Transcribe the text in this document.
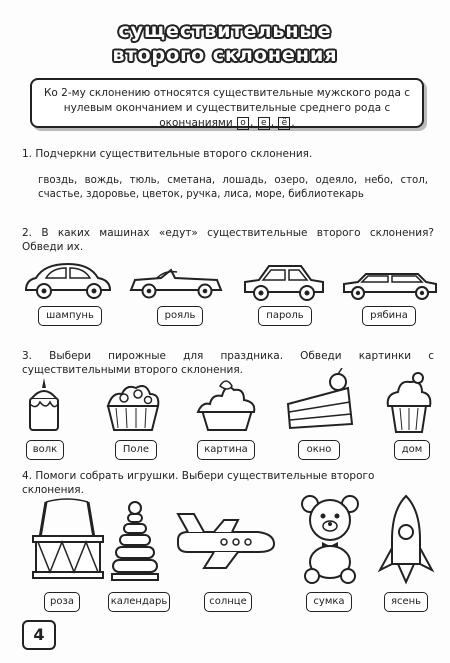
существительные
второго склонения

Ко 2-му склонению относятся существительные мужского рода с нулевым окончанием и существительные среднего рода с окончаниями о , е , ё .

1. Подчеркни существительные второго склонения.
гвоздь, вождь, тюль, сметана, лошадь, озеро, одеяло, небо, стол, счастье, здоровье, цветок, ручка, лиса, море, библиотекарь
2. В каких машинах «едут» существительные второго склонения? Обведи их.
шампунь	рояль	пароль	рябина
3. Выбери пирожные для праздника. Обведи картинки с существительными второго склонения.
волк	Поле	картина	окно	дом
4. Помоги собрать игрушки. Выбери существительные второго склонения.
роза	календарь	солнце	сумка	ясень
4
